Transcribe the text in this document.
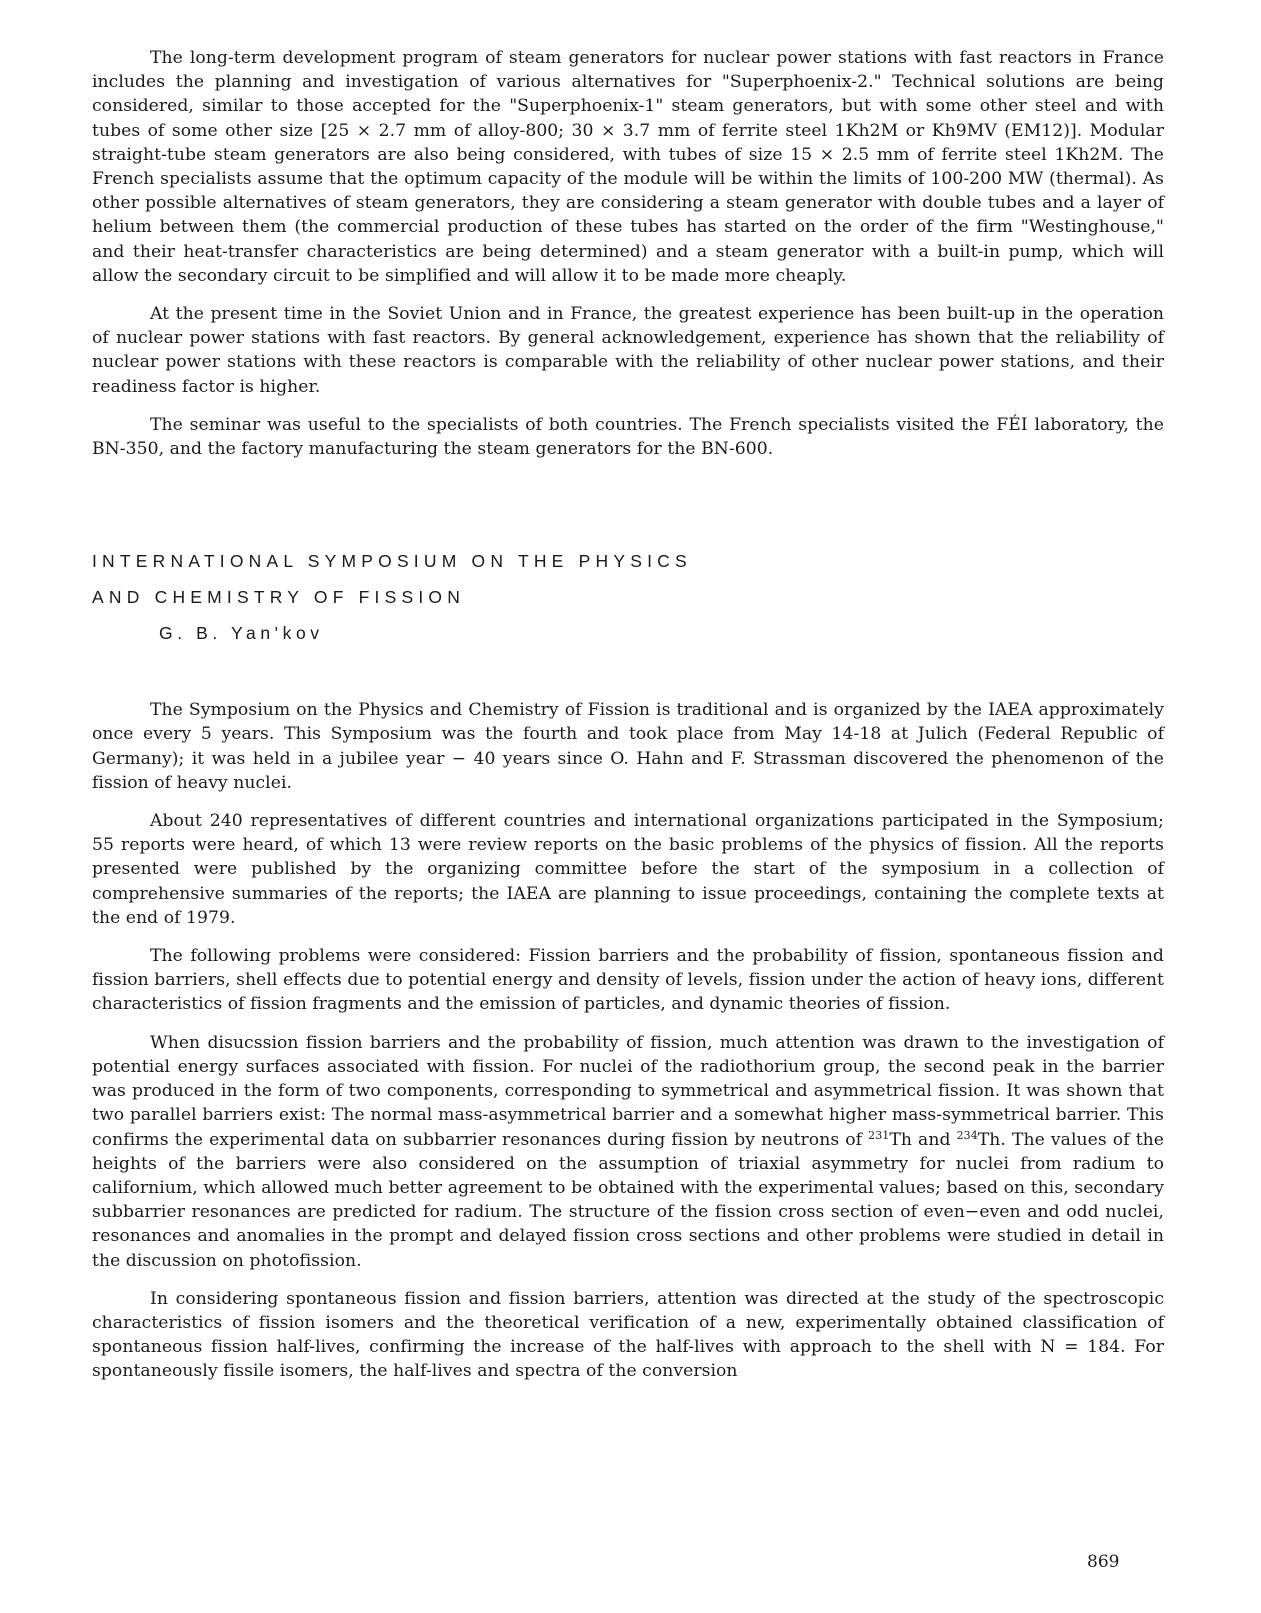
The long-term development program of steam generators for nuclear power stations with fast reactors in France includes the planning and investigation of various alternatives for "Superphoenix-2." Technical solutions are being considered, similar to those accepted for the "Superphoenix-1" steam generators, but with some other steel and with tubes of some other size [25 × 2.7 mm of alloy-800; 30 × 3.7 mm of ferrite steel 1Kh2M or Kh9MV (EM12)]. Modular straight-tube steam generators are also being considered, with tubes of size 15 × 2.5 mm of ferrite steel 1Kh2M. The French specialists assume that the optimum capacity of the module will be within the limits of 100-200 MW (thermal). As other possible alternatives of steam generators, they are considering a steam generator with double tubes and a layer of helium between them (the commercial production of these tubes has started on the order of the firm "Westinghouse," and their heat-transfer characteristics are being determined) and a steam generator with a built-in pump, which will allow the secondary circuit to be simplified and will allow it to be made more cheaply.

At the present time in the Soviet Union and in France, the greatest experience has been built-up in the operation of nuclear power stations with fast reactors. By general acknowledgement, experience has shown that the reliability of nuclear power stations with these reactors is comparable with the reliability of other nuclear power stations, and their readiness factor is higher.

The seminar was useful to the specialists of both countries. The French specialists visited the FÉI laboratory, the BN-350, and the factory manufacturing the steam generators for the BN-600.

INTERNATIONAL SYMPOSIUM ON THE PHYSICS
AND CHEMISTRY OF FISSION
G. B. Yan'kov

The Symposium on the Physics and Chemistry of Fission is traditional and is organized by the IAEA approximately once every 5 years. This Symposium was the fourth and took place from May 14-18 at Julich (Federal Republic of Germany); it was held in a jubilee year − 40 years since O. Hahn and F. Strassman discovered the phenomenon of the fission of heavy nuclei.

About 240 representatives of different countries and international organizations participated in the Symposium; 55 reports were heard, of which 13 were review reports on the basic problems of the physics of fission. All the reports presented were published by the organizing committee before the start of the symposium in a collection of comprehensive summaries of the reports; the IAEA are planning to issue proceedings, containing the complete texts at the end of 1979.

The following problems were considered: Fission barriers and the probability of fission, spontaneous fission and fission barriers, shell effects due to potential energy and density of levels, fission under the action of heavy ions, different characteristics of fission fragments and the emission of particles, and dynamic theories of fission.

When disucssion fission barriers and the probability of fission, much attention was drawn to the investigation of potential energy surfaces associated with fission. For nuclei of the radiothorium group, the second peak in the barrier was produced in the form of two components, corresponding to symmetrical and asymmetrical fission. It was shown that two parallel barriers exist: The normal mass-asymmetrical barrier and a somewhat higher mass-symmetrical barrier. This confirms the experimental data on subbarrier resonances during fission by neutrons of $^{231}$Th and $^{234}$Th. The values of the heights of the barriers were also considered on the assumption of triaxial asymmetry for nuclei from radium to californium, which allowed much better agreement to be obtained with the experimental values; based on this, secondary subbarrier resonances are predicted for radium. The structure of the fission cross section of even−even and odd nuclei, resonances and anomalies in the prompt and delayed fission cross sections and other problems were studied in detail in the discussion on photofission.

In considering spontaneous fission and fission barriers, attention was directed at the study of the spectroscopic characteristics of fission isomers and the theoretical verification of a new, experimentally obtained classification of spontaneous fission half-lives, confirming the increase of the half-lives with approach to the shell with N = 184. For spontaneously fissile isomers, the half-lives and spectra of the conversion

869
